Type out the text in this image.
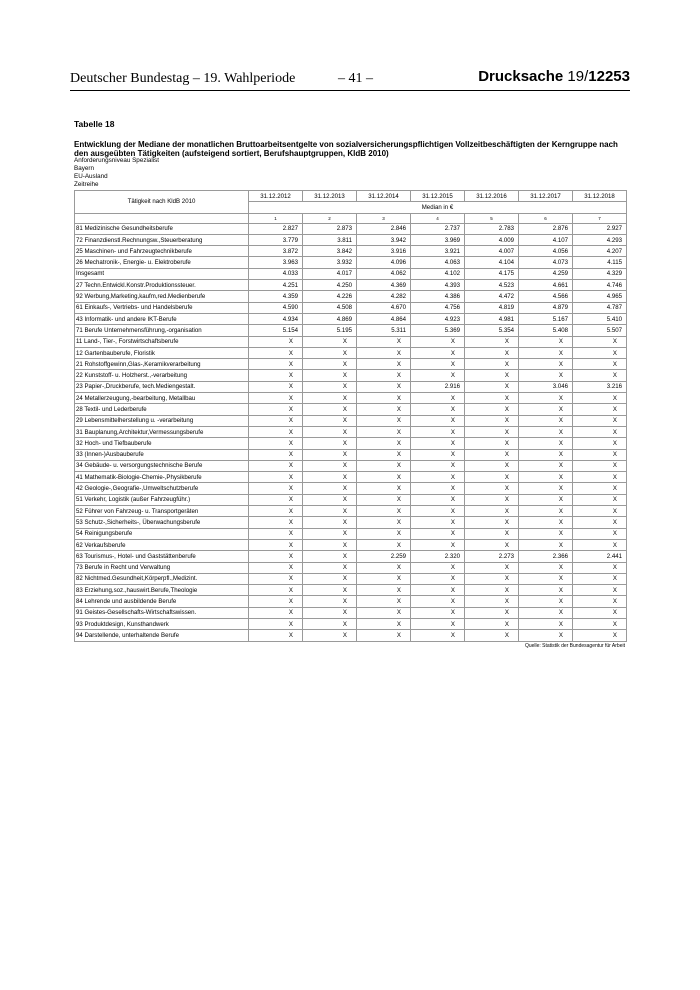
Deutscher Bundestag – 19. Wahlperiode	– 41 –	Drucksache 19/12253
Tabelle 18
Entwicklung der Mediane der monatlichen Bruttoarbeitsentgelte von sozialversicherungspflichtigen Vollzeitbeschäftigten der Kerngruppe nach den ausgeübten Tätigkeiten (aufsteigend sortiert, Berufshauptgruppen, KldB 2010)
Anforderungsniveau Spezialist
Bayern
EU-Ausland
Zeitreihe
Tätigkeit nach KldB 2010	31.12.2012	31.12.2013	31.12.2014	31.12.2015	31.12.2016	31.12.2017	31.12.2018
	Median in €						
	1	2	3	4	5	6	7
81 Medizinische Gesundheitsberufe	2.827	2.873	2.846	2.737	2.783	2.876	2.927
72 Finanzdienstl.Rechnungsw.,Steuerberatung	3.779	3.811	3.942	3.969	4.009	4.107	4.293
25 Maschinen- und Fahrzeugtechnikberufe	3.872	3.842	3.916	3.921	4.007	4.056	4.207
26 Mechatronik-, Energie- u. Elektroberufe	3.963	3.932	4.096	4.063	4.104	4.073	4.115
Insgesamt	4.033	4.017	4.062	4.102	4.175	4.259	4.329
27 Techn.Entwickl.Konstr.Produktionssteuer.	4.251	4.250	4.369	4.393	4.523	4.661	4.746
92 Werbung,Marketing,kaufm,red.Medienberufe	4.359	4.226	4.282	4.386	4.472	4.566	4.965
61 Einkaufs-, Vertriebs- und Handelsberufe	4.590	4.508	4.670	4.756	4.819	4.879	4.787
43 Informatik- und andere IKT-Berufe	4.934	4.869	4.864	4.923	4.981	5.167	5.410
71 Berufe Unternehmensführung,-organisation	5.154	5.195	5.311	5.369	5.354	5.408	5.507
11 Land-, Tier-, Forstwirtschaftsberufe	X	X	X	X	X	X	X
12 Gartenbauberufe, Floristik	X	X	X	X	X	X	X
21 Rohstoffgewinn,Glas-,Keramikverarbeitung	X	X	X	X	X	X	X
22 Kunststoff- u. Holzherst.,-verarbeitung	X	X	X	X	X	X	X
23 Papier-,Druckberufe, tech.Mediengestalt.	X	X	X	2.916	X	3.046	3.216
24 Metallerzeugung,-bearbeitung, Metallbau	X	X	X	X	X	X	X
28 Textil- und Lederberufe	X	X	X	X	X	X	X
29 Lebensmittelherstellung u. -verarbeitung	X	X	X	X	X	X	X
31 Bauplanung,Architektur,Vermessungsberufe	X	X	X	X	X	X	X
32 Hoch- und Tiefbauberufe	X	X	X	X	X	X	X
33 (Innen-)Ausbauberufe	X	X	X	X	X	X	X
34 Gebäude- u. versorgungstechnische Berufe	X	X	X	X	X	X	X
41 Mathematik-Biologie-Chemie-,Physikberufe	X	X	X	X	X	X	X
42 Geologie-,Geografie-,Umweltschutzberufe	X	X	X	X	X	X	X
51 Verkehr, Logistik (außer Fahrzeugführ.)	X	X	X	X	X	X	X
52 Führer von Fahrzeug- u. Transportgeräten	X	X	X	X	X	X	X
53 Schutz-,Sicherheits-, Überwachungsberufe	X	X	X	X	X	X	X
54 Reinigungsberufe	X	X	X	X	X	X	X
62 Verkaufsberufe	X	X	X	X	X	X	X
63 Tourismus-, Hotel- und Gaststättenberufe	X	X	2.259	2.320	2.273	2.366	2.441
73 Berufe in Recht und Verwaltung	X	X	X	X	X	X	X
82 Nichtmed.Gesundheit,Körperpfl.,Medizint.	X	X	X	X	X	X	X
83 Erziehung,soz.,hauswirt.Berufe,Theologie	X	X	X	X	X	X	X
84 Lehrende und ausbildende Berufe	X	X	X	X	X	X	X
91 Geistes-Gesellschafts-Wirtschaftswissen.	X	X	X	X	X	X	X
93 Produktdesign, Kunsthandwerk	X	X	X	X	X	X	X
94 Darstellende, unterhaltende Berufe	X	X	X	X	X	X	X
Quelle: Statistik der Bundesagentur für Arbeit
